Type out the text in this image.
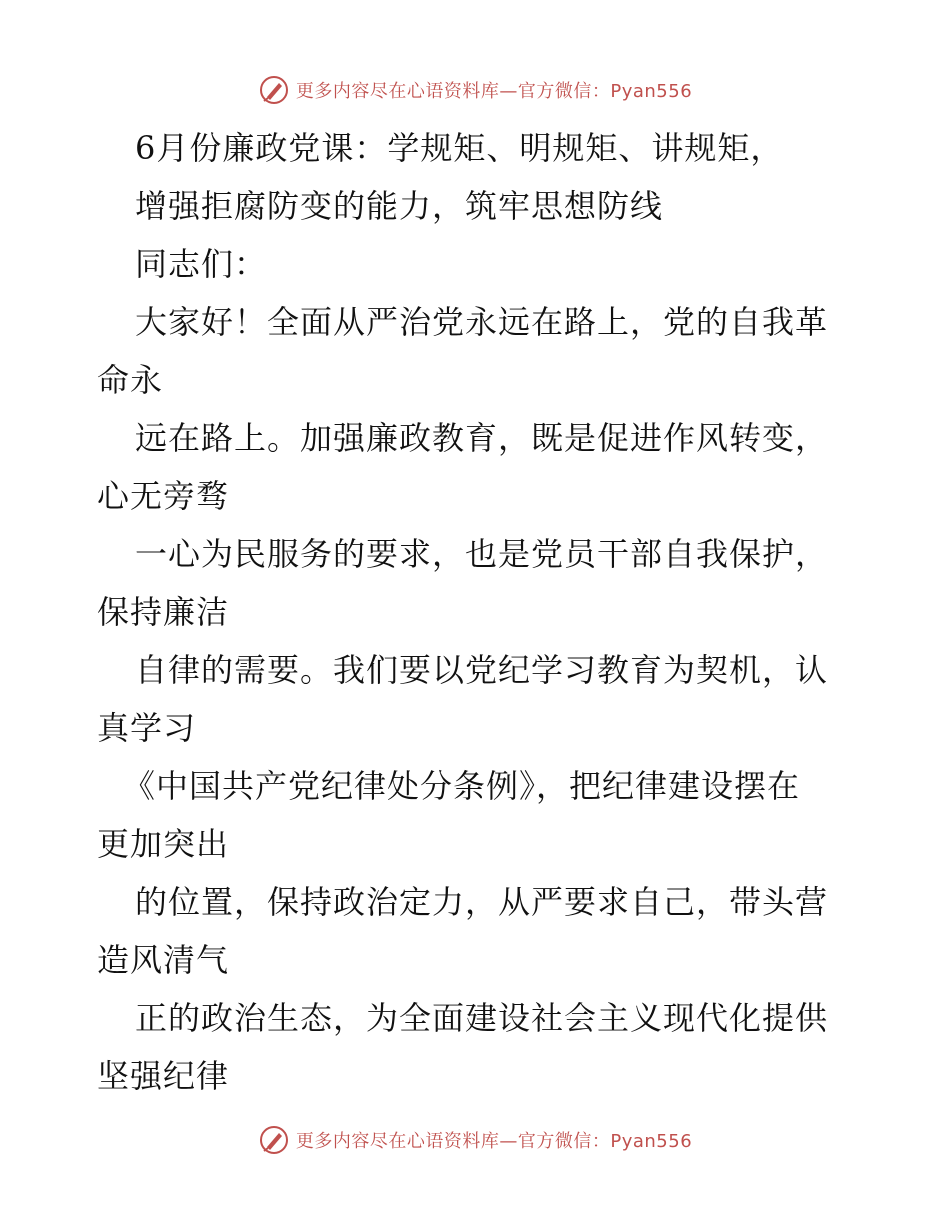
更多内容尽在心语资料库—官方微信：Pyan556
6月份廉政党课：学规矩、明规矩、讲规矩，
增强拒腐防变的能力，筑牢思想防线
同志们：
大家好！全面从严治党永远在路上，党的自我革
命永
远在路上。加强廉政教育，既是促进作风转变，
心无旁骛
一心为民服务的要求，也是党员干部自我保护，
保持廉洁
自律的需要。我们要以党纪学习教育为契机，认
真学习
《中国共产党纪律处分条例》，把纪律建设摆在
更加突出
的位置，保持政治定力，从严要求自己，带头营
造风清气
正的政治生态，为全面建设社会主义现代化提供
坚强纪律
更多内容尽在心语资料库—官方微信：Pyan556
